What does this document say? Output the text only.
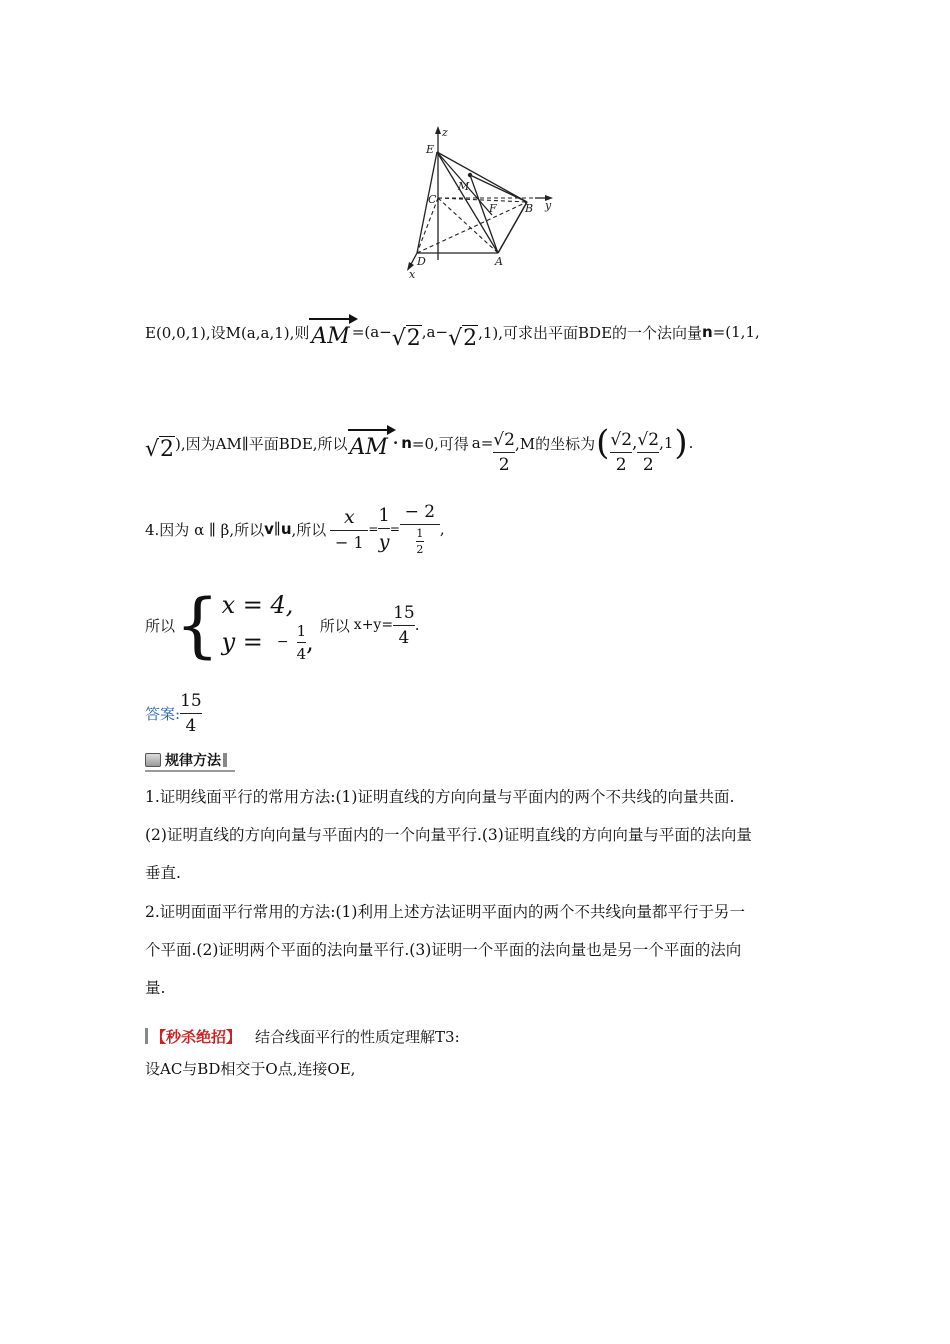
z
y
x
E
M
C
F	B
D	A
E(0,0,1),设M(a,a,1),则 AM =(a− √2 ,a− √2 ,1),可求出平面BDE的一个法向量 n =(1,1,
√2 ),因为AM∥平面BDE,所以 AM · n =0,可得 $a= \frac{√2}{2} ,M$的坐标为 ( $\frac{√2}{2}$ , $\frac{√2}{2} ,1$ ) .
4.因为 α ∥ β,所以 v ∥ u ,所以 $\frac{x}{- 1} = \frac{1}{y} = \frac{- 2}{\frac{1}{2}}$ ,
所以 { x = 4,
y = − $\frac{1}{4}$ ,
所以 $x+y= \frac{15}{4}$ .
答案: $\frac{15}{4}$
规律方法
1.证明线面平行的常用方法:(1)证明直线的方向向量与平面内的两个不共线的向量共面.
(2)证明直线的方向向量与平面内的一个向量平行.(3)证明直线的方向向量与平面的法向量
垂直.
2.证明面面平行常用的方法:(1)利用上述方法证明平面内的两个不共线向量都平行于另一
个平面.(2)证明两个平面的法向量平行.(3)证明一个平面的法向量也是另一个平面的法向
量.
【秒杀绝招】 结合线面平行的性质定理解T3:
设AC与BD相交于O点,连接OE,
